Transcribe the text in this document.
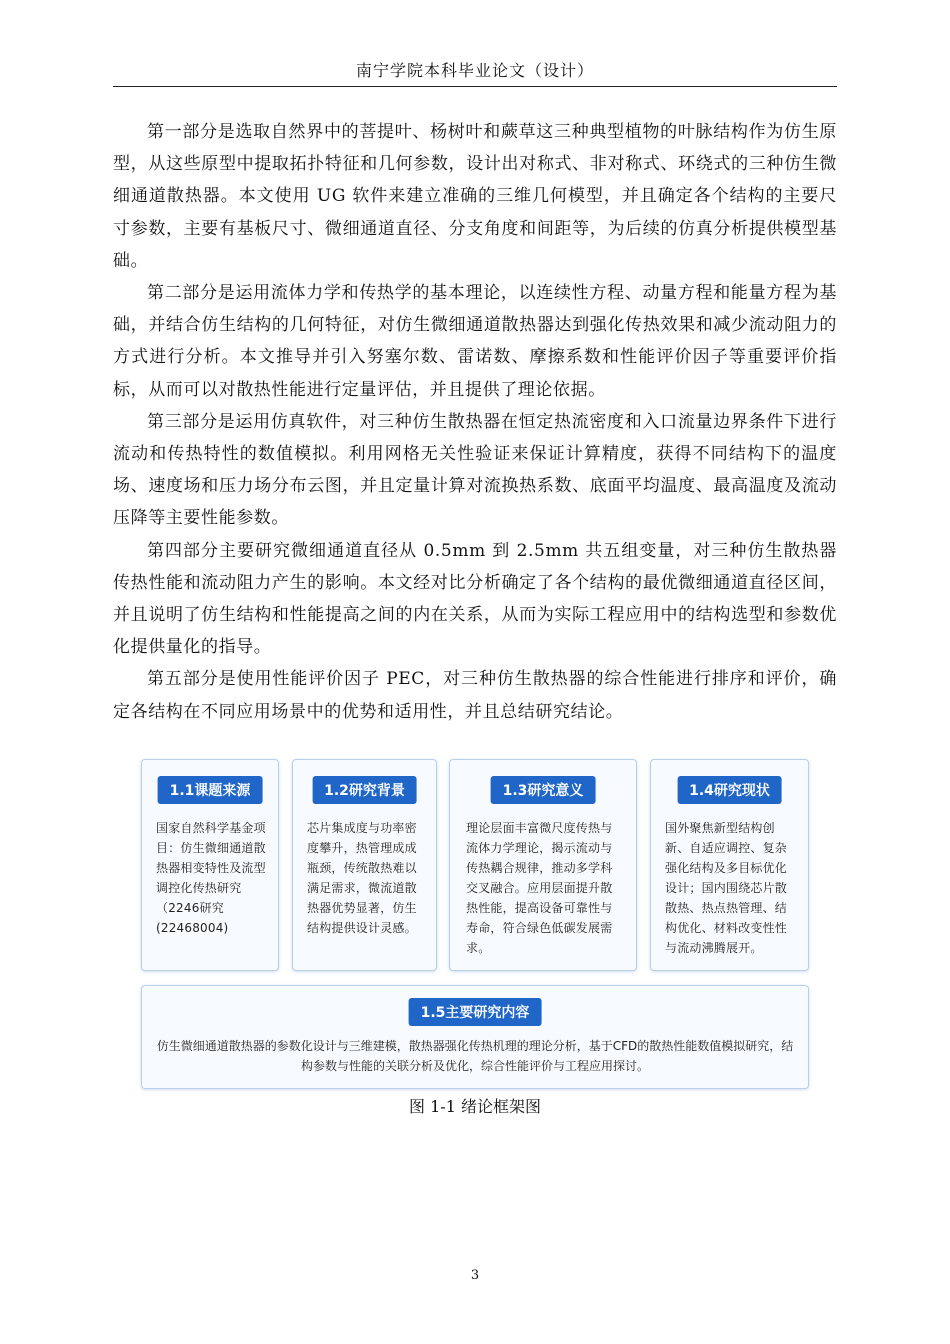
南宁学院本科毕业论文（设计）

第一部分是选取自然界中的菩提叶、杨树叶和蕨草这三种典型植物的叶脉结构作为仿生原型，从这些原型中提取拓扑特征和几何参数，设计出对称式、非对称式、环绕式的三种仿生微细通道散热器。本文使用 UG 软件来建立准确的三维几何模型，并且确定各个结构的主要尺寸参数，主要有基板尺寸、微细通道直径、分支角度和间距等，为后续的仿真分析提供模型基础。

第二部分是运用流体力学和传热学的基本理论，以连续性方程、动量方程和能量方程为基础，并结合仿生结构的几何特征，对仿生微细通道散热器达到强化传热效果和减少流动阻力的方式进行分析。本文推导并引入努塞尔数、雷诺数、摩擦系数和性能评价因子等重要评价指标，从而可以对散热性能进行定量评估，并且提供了理论依据。

第三部分是运用仿真软件，对三种仿生散热器在恒定热流密度和入口流量边界条件下进行流动和传热特性的数值模拟。利用网格无关性验证来保证计算精度，获得不同结构下的温度场、速度场和压力场分布云图，并且定量计算对流换热系数、底面平均温度、最高温度及流动压降等主要性能参数。

第四部分主要研究微细通道直径从 0.5mm 到 2.5mm 共五组变量，对三种仿生散热器传热性能和流动阻力产生的影响。本文经对比分析确定了各个结构的最优微细通道直径区间，并且说明了仿生结构和性能提高之间的内在关系，从而为实际工程应用中的结构选型和参数优化提供量化的指导。

第五部分是使用性能评价因子 PEC，对三种仿生散热器的综合性能进行排序和评价，确定各结构在不同应用场景中的优势和适用性，并且总结研究结论。

1.1课题来源
国家自然科学基金项目：仿生微细通道散热器相变特性及流型调控化传热研究（2246研究(22468004)
1.2研究背景
芯片集成度与功率密度攀升，热管理成成瓶颈，传统散热难以满足需求，微流道散热器优势显著，仿生结构提供设计灵感。
1.3研究意义
理论层面丰富微尺度传热与流体力学理论，揭示流动与传热耦合规律，推动多学科交叉融合。应用层面提升散热性能，提高设备可靠性与寿命，符合绿色低碳发展需求。
1.4研究现状
国外聚焦新型结构创新、自适应调控、复杂强化结构及多目标优化设计；国内围绕芯片散散热、热点热管理、结构优化、材料改变性性与流动沸腾展开。
1.5主要研究内容
仿生微细通道散热器的参数化设计与三维建模，散热器强化传热机理的理论分析，基于CFD的散热性能数值模拟研究，结构参数与性能的关联分析及优化，综合性能评价与工程应用探讨。
图 1-1 绪论框架图
3
